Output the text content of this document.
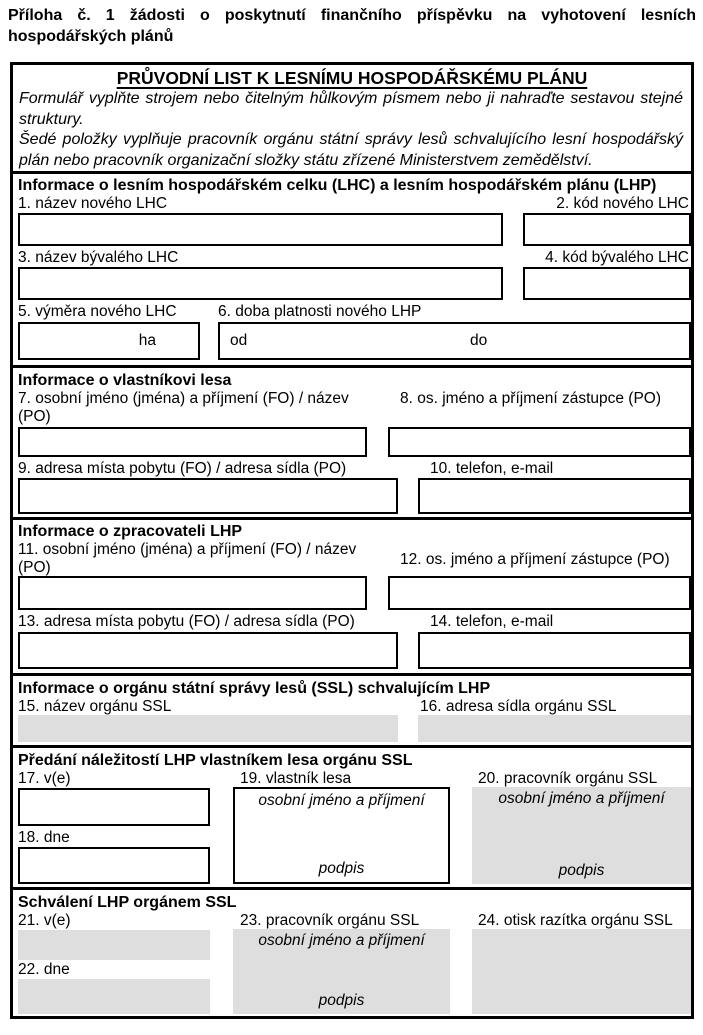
Příloha č. 1 žádosti o poskytnutí finančního příspěvku na vyhotovení lesních
hospodářských plánů
PRŮVODNÍ LIST K LESNÍMU HOSPODÁŘSKÉMU PLÁNU
Formulář vyplňte strojem nebo čitelným hůlkovým písmem nebo ji nahraďte sestavou stejné struktury.
Šedé položky vyplňuje pracovník orgánu státní správy lesů schvalujícího lesní hospodářský plán nebo pracovník organizační složky státu zřízené Ministerstvem zemědělství.
Informace o lesním hospodářském celku (LHC) a lesním hospodářském plánu (LHP)
1. název nového LHC	2. kód nového LHC
3. název bývalého LHC	4. kód bývalého LHC
5. výměra nového LHC	6. doba platnosti nového LHP
ha	od	do
Informace o vlastníkovi lesa
7. osobní jméno (jména) a příjmení (FO) / název (PO)
8. os. jméno a příjmení zástupce (PO)
9. adresa místa pobytu (FO) / adresa sídla (PO)	10. telefon, e-mail
Informace o zpracovateli LHP
11. osobní jméno (jména) a příjmení (FO) / název (PO)	12. os. jméno a příjmení zástupce (PO)
13. adresa místa pobytu (FO) / adresa sídla (PO)	14. telefon, e-mail
Informace o orgánu státní správy lesů (SSL) schvalujícím LHP
15. název orgánu SSL	16. adresa sídla orgánu SSL
Předání náležitostí LHP vlastníkem lesa orgánu SSL
17. v(e)	19. vlastník lesa	20. pracovník orgánu SSL
osobní jméno a příjmení
podpis
osobní jméno a příjmení
podpis
18. dne
Schválení LHP orgánem SSL
21. v(e)	23. pracovník orgánu SSL	24. otisk razítka orgánu SSL
osobní jméno a příjmení
podpis
22. dne
